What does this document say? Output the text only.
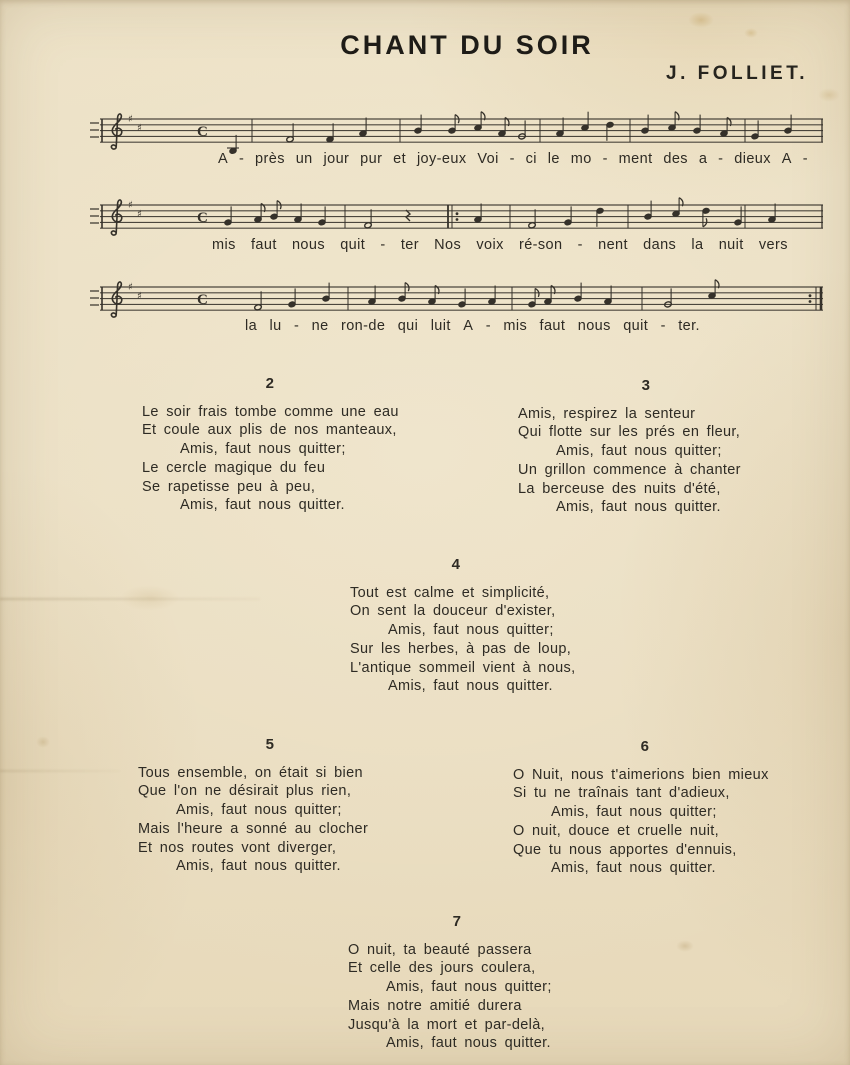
CHANT DU SOIR
J. FOLLIET.
♯
♯	C
♯
♯	C
♯
♯	C
A - près un jour pur et joy-eux Voi - ci le mo - ment des a - dieux A -
mis faut nous quit - ter Nos voix ré-son - nent dans la nuit vers
la lu - ne ron-de qui luit A - mis faut nous quit - ter.
2
Le soir frais tombe comme une eau
Et coule aux plis de nos manteaux,
Amis, faut nous quitter;
Le cercle magique du feu
Se rapetisse peu à peu,
Amis, faut nous quitter.
3
Amis, respirez la senteur
Qui flotte sur les prés en fleur,
Amis, faut nous quitter;
Un grillon commence à chanter
La berceuse des nuits d'été,
Amis, faut nous quitter.
4
Tout est calme et simplicité,
On sent la douceur d'exister,
Amis, faut nous quitter;
Sur les herbes, à pas de loup,
L'antique sommeil vient à nous,
Amis, faut nous quitter.
5
Tous ensemble, on était si bien
Que l'on ne désirait plus rien,
Amis, faut nous quitter;
Mais l'heure a sonné au clocher
Et nos routes vont diverger,
Amis, faut nous quitter.
6
O Nuit, nous t'aimerions bien mieux
Si tu ne traînais tant d'adieux,
Amis, faut nous quitter;
O nuit, douce et cruelle nuit,
Que tu nous apportes d'ennuis,
Amis, faut nous quitter.
7
O nuit, ta beauté passera
Et celle des jours coulera,
Amis, faut nous quitter;
Mais notre amitié durera
Jusqu'à la mort et par-delà,
Amis, faut nous quitter.
